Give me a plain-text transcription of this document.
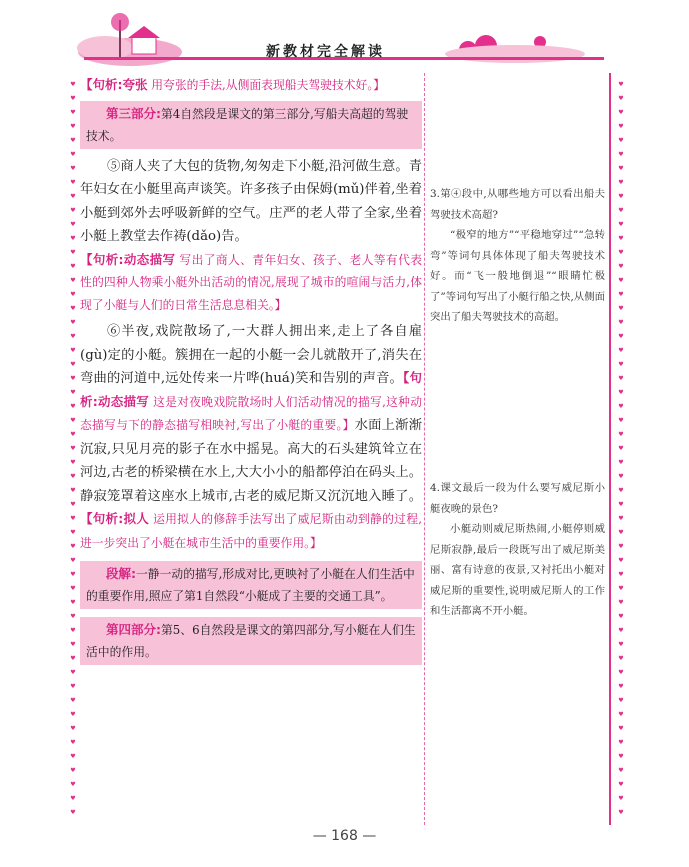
新教材完全解读
♥
♥
♥
♥
♥
♥
♥
♥
♥
♥
♥
♥
♥
♥
♥
♥
♥
♥
♥
♥
♥
♥
♥
♥
♥
♥
♥
♥
♥
♥
♥
♥
♥
♥
♥
♥
♥
♥
♥
♥
♥
♥
♥
♥
♥
♥
♥
♥
♥
♥
♥
♥
♥
♥
♥
♥
♥
♥
♥
♥
♥
♥
♥
♥
♥
♥
♥
♥
♥
♥
♥
♥
♥
♥
♥
♥
♥
♥
♥
♥
♥
♥
♥
♥
♥
♥
♥
♥
♥
♥
♥
♥
♥
♥
♥
♥
♥
♥
♥
♥
♥
♥
♥
♥
♥
♥

【句析:夸张 用夸张的手法,从侧面表现船夫驾驶技术好。】

第三部分:第4自然段是课文的第三部分,写船夫高超的驾驶技术。

⑤商人夹了大包的货物,匆匆走下小艇,沿河做生意。青年妇女在小艇里高声谈笑。许多孩子由保姆(mǔ)伴着,坐着小艇到郊外去呼吸新鲜的空气。庄严的老人带了全家,坐着小艇上教堂去作祷(dǎo)告。

【句析:动态描写 写出了商人、青年妇女、孩子、老人等有代表性的四种人物乘小艇外出活动的情况,展现了城市的喧闹与活力,体现了小艇与人们的日常生活息息相关。】

⑥半夜,戏院散场了,一大群人拥出来,走上了各自雇(gù)定的小艇。簇拥在一起的小艇一会儿就散开了,消失在弯曲的河道中,远处传来一片哗(huá)笑和告别的声音。【句析:动态描写 这是对夜晚戏院散场时人们活动情况的描写,这种动态描写与下的静态描写相映衬,写出了小艇的重要。】水面上渐渐沉寂,只见月亮的影子在水中摇晃。高大的石头建筑耸立在河边,古老的桥梁横在水上,大大小小的船都停泊在码头上。静寂笼罩着这座水上城市,古老的威尼斯又沉沉地入睡了。【句析:拟人 运用拟人的修辞手法写出了威尼斯由动到静的过程,进一步突出了小艇在城市生活中的重要作用。】

段解:一静一动的描写,形成对比,更映衬了小艇在人们生活中的重要作用,照应了第1自然段“小艇成了主要的交通工具”。
第四部分:第5、6自然段是课文的第四部分,写小艇在人们生活中的作用。

3.第④段中,从哪些地方可以看出船夫驾驶技术高超?

“极窄的地方”“平稳地穿过”“急转弯”等词句具体体现了船夫驾驶技术好。而“飞一般地倒退”“眼睛忙极了”等词句写出了小艇行船之快,从侧面突出了船夫驾驶技术的高超。

4.课文最后一段为什么要写威尼斯小艇夜晚的景色?

小艇动则威尼斯热闹,小艇停则威尼斯寂静,最后一段既写出了威尼斯美丽、富有诗意的夜景,又衬托出小艇对威尼斯的重要性,说明威尼斯人的工作和生活都离不开小艇。

— 168 —
